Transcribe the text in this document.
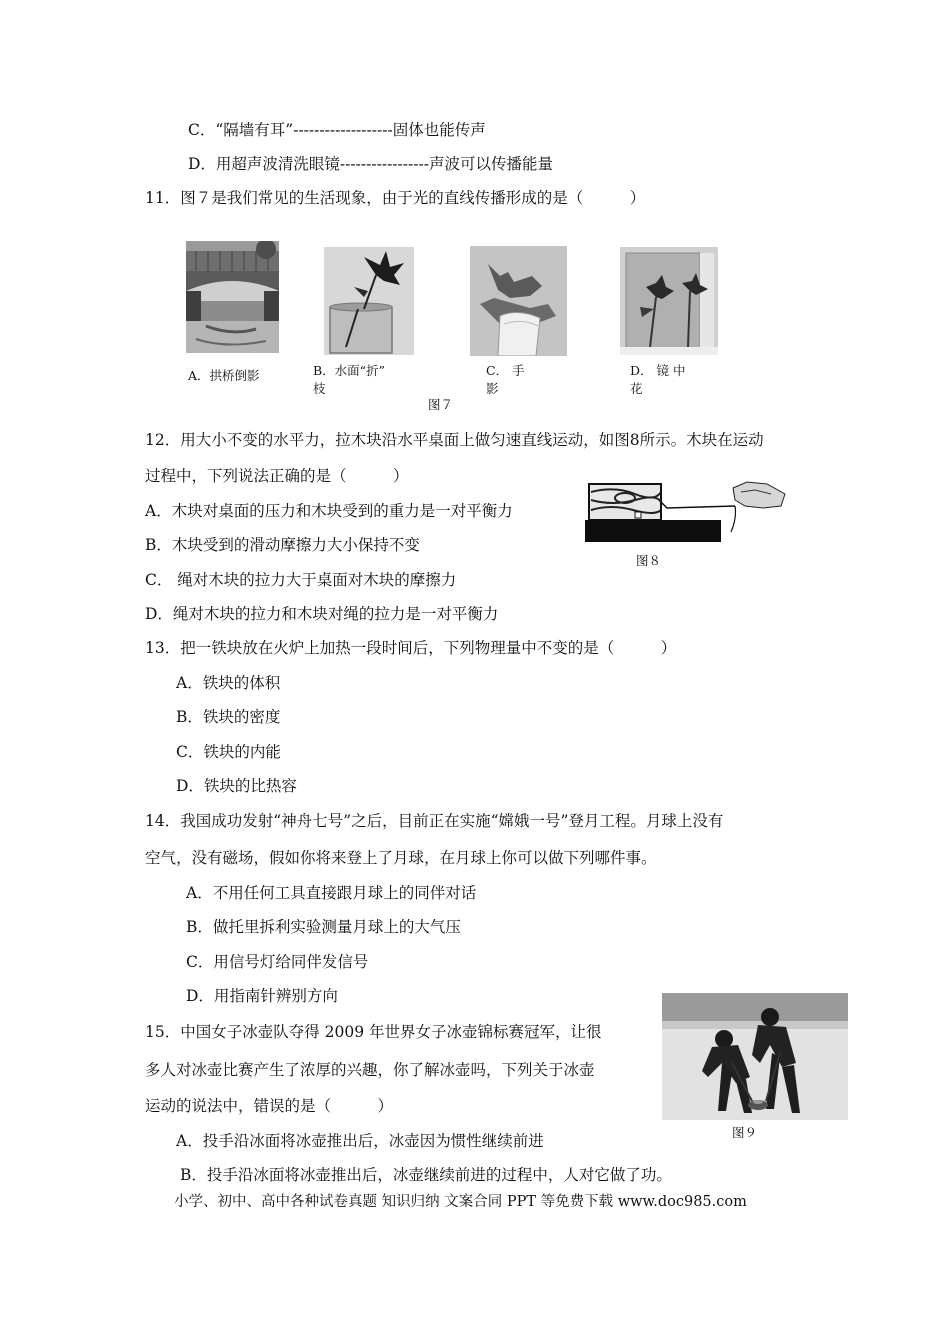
C．“隔墙有耳”-------------------固体也能传声
D．用超声波清洗眼镜-----------------声波可以传播能量
11．图７是我们常见的生活现象，由于光的直线传播形成的是（　　　）
A．拱桥倒影	B．水面“折”
枝
C． 手
影
D． 镜 中
花
图７
12．用大小不变的水平力，拉木块沿水平桌面上做匀速直线运动，如图8所示。木块在运动
过程中，下列说法正确的是（　　　）
A．木块对桌面的压力和木块受到的重力是一对平衡力
B．木块受到的滑动摩擦力大小保持不变
C． 绳对木块的拉力大于桌面对木块的摩擦力
D．绳对木块的拉力和木块对绳的拉力是一对平衡力
图８
13．把一铁块放在火炉上加热一段时间后，下列物理量中不变的是（　　　）
A．铁块的体积
B．铁块的密度
C．铁块的内能
D．铁块的比热容
14．我国成功发射“神舟七号”之后，目前正在实施“嫦娥一号”登月工程。月球上没有
空气，没有磁场，假如你将来登上了月球，在月球上你可以做下列哪件事。
A．不用任何工具直接跟月球上的同伴对话
B．做托里拆利实验测量月球上的大气压
C．用信号灯给同伴发信号
D．用指南针辨别方向
图９
15．中国女子冰壶队夺得 2009 年世界女子冰壶锦标赛冠军，让很
多人对冰壶比赛产生了浓厚的兴趣，你了解冰壶吗，下列关于冰壶
运动的说法中，错误的是（　　　）
A．投手沿冰面将冰壶推出后，冰壶因为惯性继续前进
B．投手沿冰面将冰壶推出后，冰壶继续前进的过程中，人对它做了功。
小学、初中、高中各种试卷真题 知识归纳 文案合同 PPT 等免费下载 www.doc985.com
